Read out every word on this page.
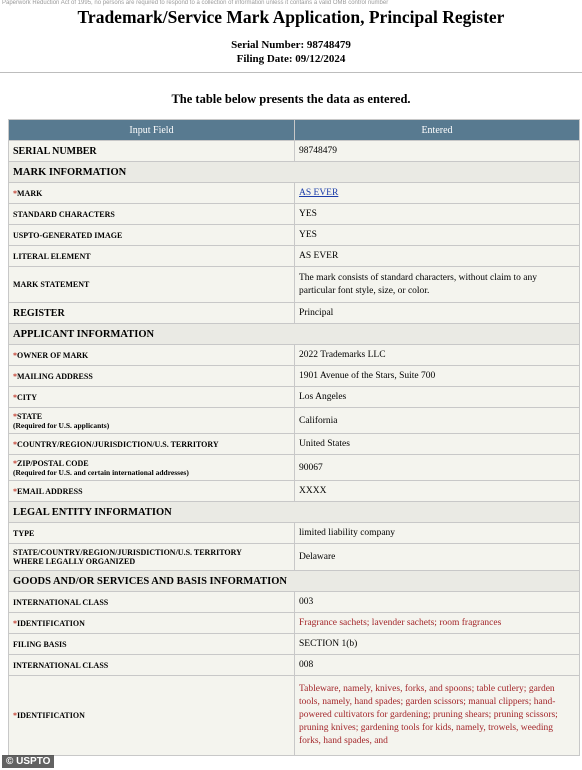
Paperwork Reduction Act of 1995, no persons are required to respond to a collection of information unless it contains a valid OMB control number
Trademark/Service Mark Application, Principal Register
Serial Number: 98748479
Filing Date: 09/12/2024
The table below presents the data as entered.
Input Field	Entered
SERIAL NUMBER	98748479
MARK INFORMATION	
*MARK	AS EVER
STANDARD CHARACTERS	YES
USPTO-GENERATED IMAGE	YES
LITERAL ELEMENT	AS EVER
MARK STATEMENT	The mark consists of standard characters, without claim to any particular font style, size, or color.
REGISTER	Principal
APPLICANT INFORMATION	
*OWNER OF MARK	2022 Trademarks LLC
*MAILING ADDRESS	1901 Avenue of the Stars, Suite 700
*CITY	Los Angeles
*STATE
(Required for U.S. applicants)	California
*COUNTRY/REGION/JURISDICTION/U.S. TERRITORY	United States
*ZIP/POSTAL CODE
(Required for U.S. and certain international addresses)	90067
*EMAIL ADDRESS	XXXX
LEGAL ENTITY INFORMATION	
TYPE	limited liability company
STATE/COUNTRY/REGION/JURISDICTION/U.S. TERRITORY
WHERE LEGALLY ORGANIZED	Delaware
GOODS AND/OR SERVICES AND BASIS INFORMATION	
INTERNATIONAL CLASS	003
*IDENTIFICATION	Fragrance sachets; lavender sachets; room fragrances
FILING BASIS	SECTION 1(b)
INTERNATIONAL CLASS	008
*IDENTIFICATION	Tableware, namely, knives, forks, and spoons; table cutlery; garden tools, namely, hand spades; garden scissors; manual clippers; hand-powered cultivators for gardening; pruning shears; pruning scissors; pruning knives; gardening tools for kids, namely, trowels, weeding forks, hand spades, and
© USPTO
